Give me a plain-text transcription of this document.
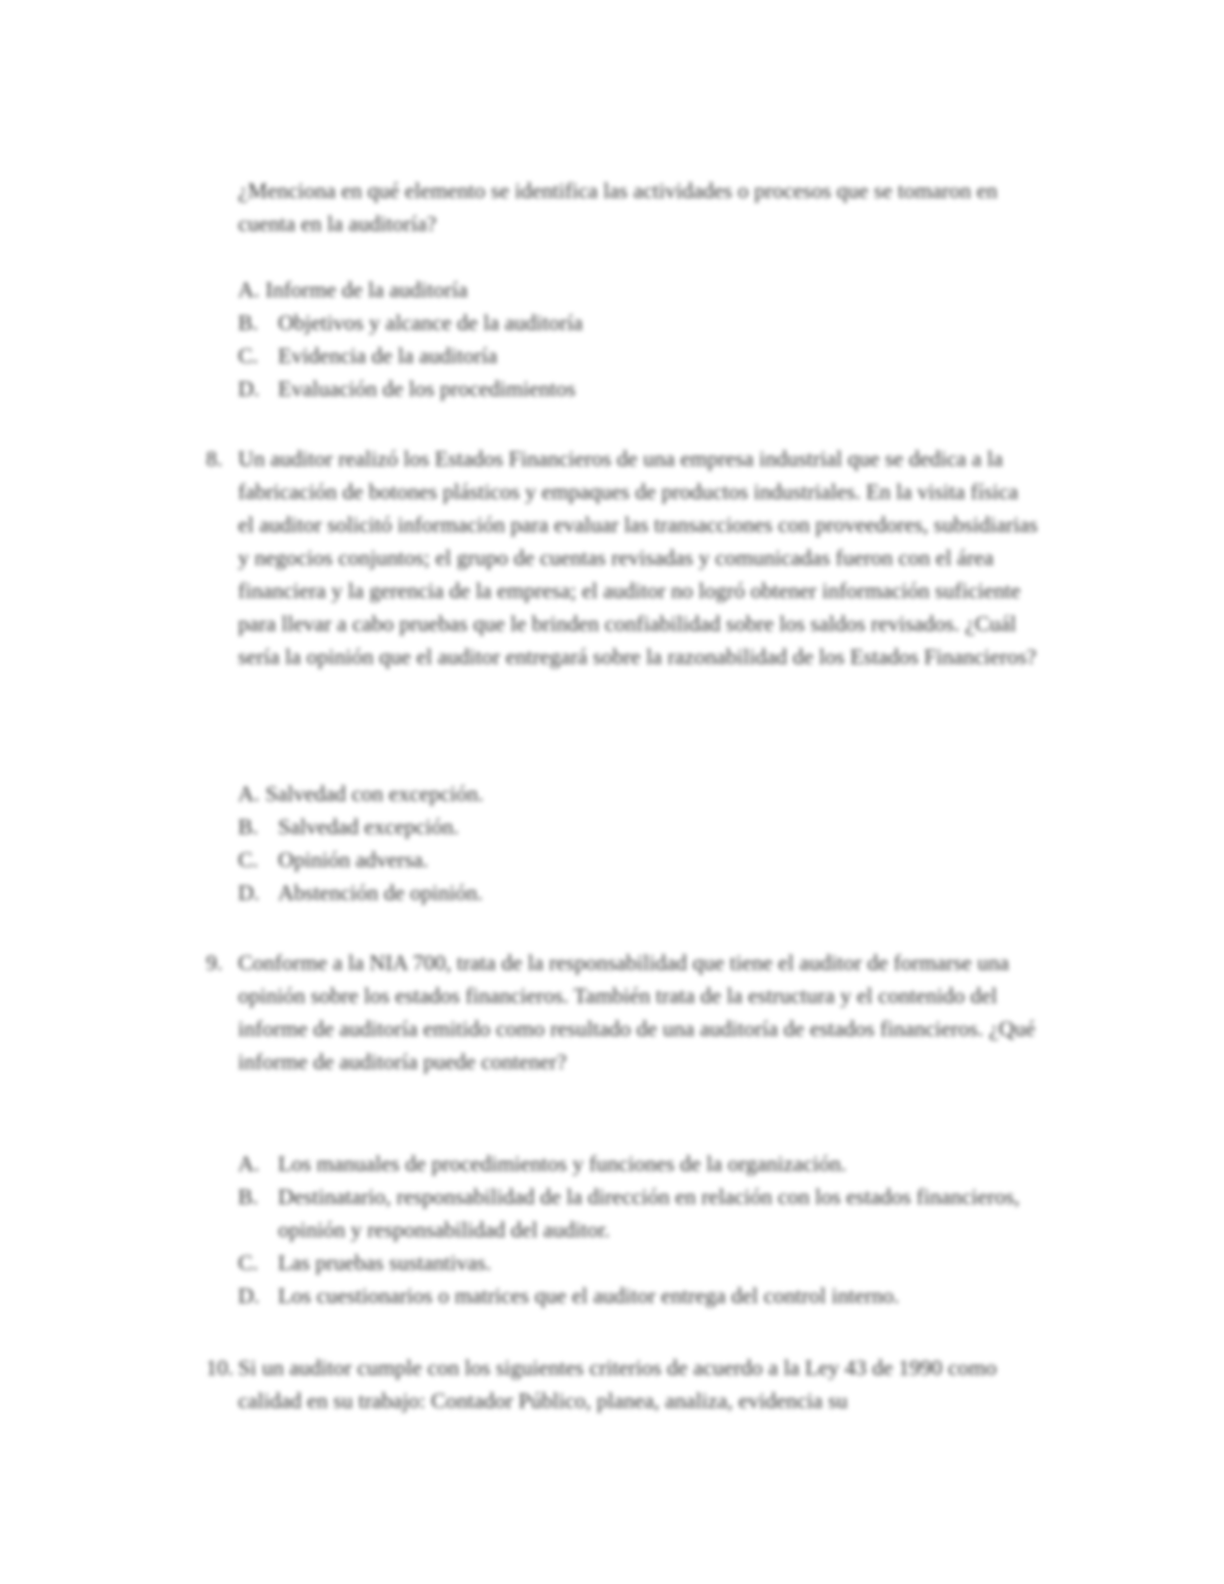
¿Menciona en qué elemento se identifica las actividades o procesos que se tomaron en cuenta en la auditoría?

A. Informe de la auditoría
B. Objetivos y alcance de la auditoría
C. Evidencia de la auditoría
D. Evaluación de los procedimientos
8. Un auditor realizó los Estados Financieros de una empresa industrial que se dedica a la fabricación de botones plásticos y empaques de productos industriales. En la visita física el auditor solicitó información para evaluar las transacciones con proveedores, subsidiarias y negocios conjuntos; el grupo de cuentas revisadas y comunicadas fueron con el área financiera y la gerencia de la empresa; el auditor no logró obtener información suficiente para llevar a cabo pruebas que le brinden confiabilidad sobre los saldos revisados. ¿Cuál sería la opinión que el auditor entregará sobre la razonabilidad de los Estados Financieros?

A. Salvedad con excepción.
B. Salvedad excepción.
C. Opinión adversa.
D. Abstención de opinión.
9. Conforme a la NIA 700, trata de la responsabilidad que tiene el auditor de formarse una opinión sobre los estados financieros. También trata de la estructura y el contenido del informe de auditoría emitido como resultado de una auditoría de estados financieros. ¿Qué informe de auditoría puede contener?

A. Los manuales de procedimientos y funciones de la organización.
B. Destinatario, responsabilidad de la dirección en relación con los estados financieros, opinión y responsabilidad del auditor.
C. Las pruebas sustantivas.
D. Los cuestionarios o matrices que el auditor entrega del control interno.
10. Si un auditor cumple con los siguientes criterios de acuerdo a la Ley 43 de 1990 como calidad en su trabajo: Contador Público, planea, analiza, evidencia su
